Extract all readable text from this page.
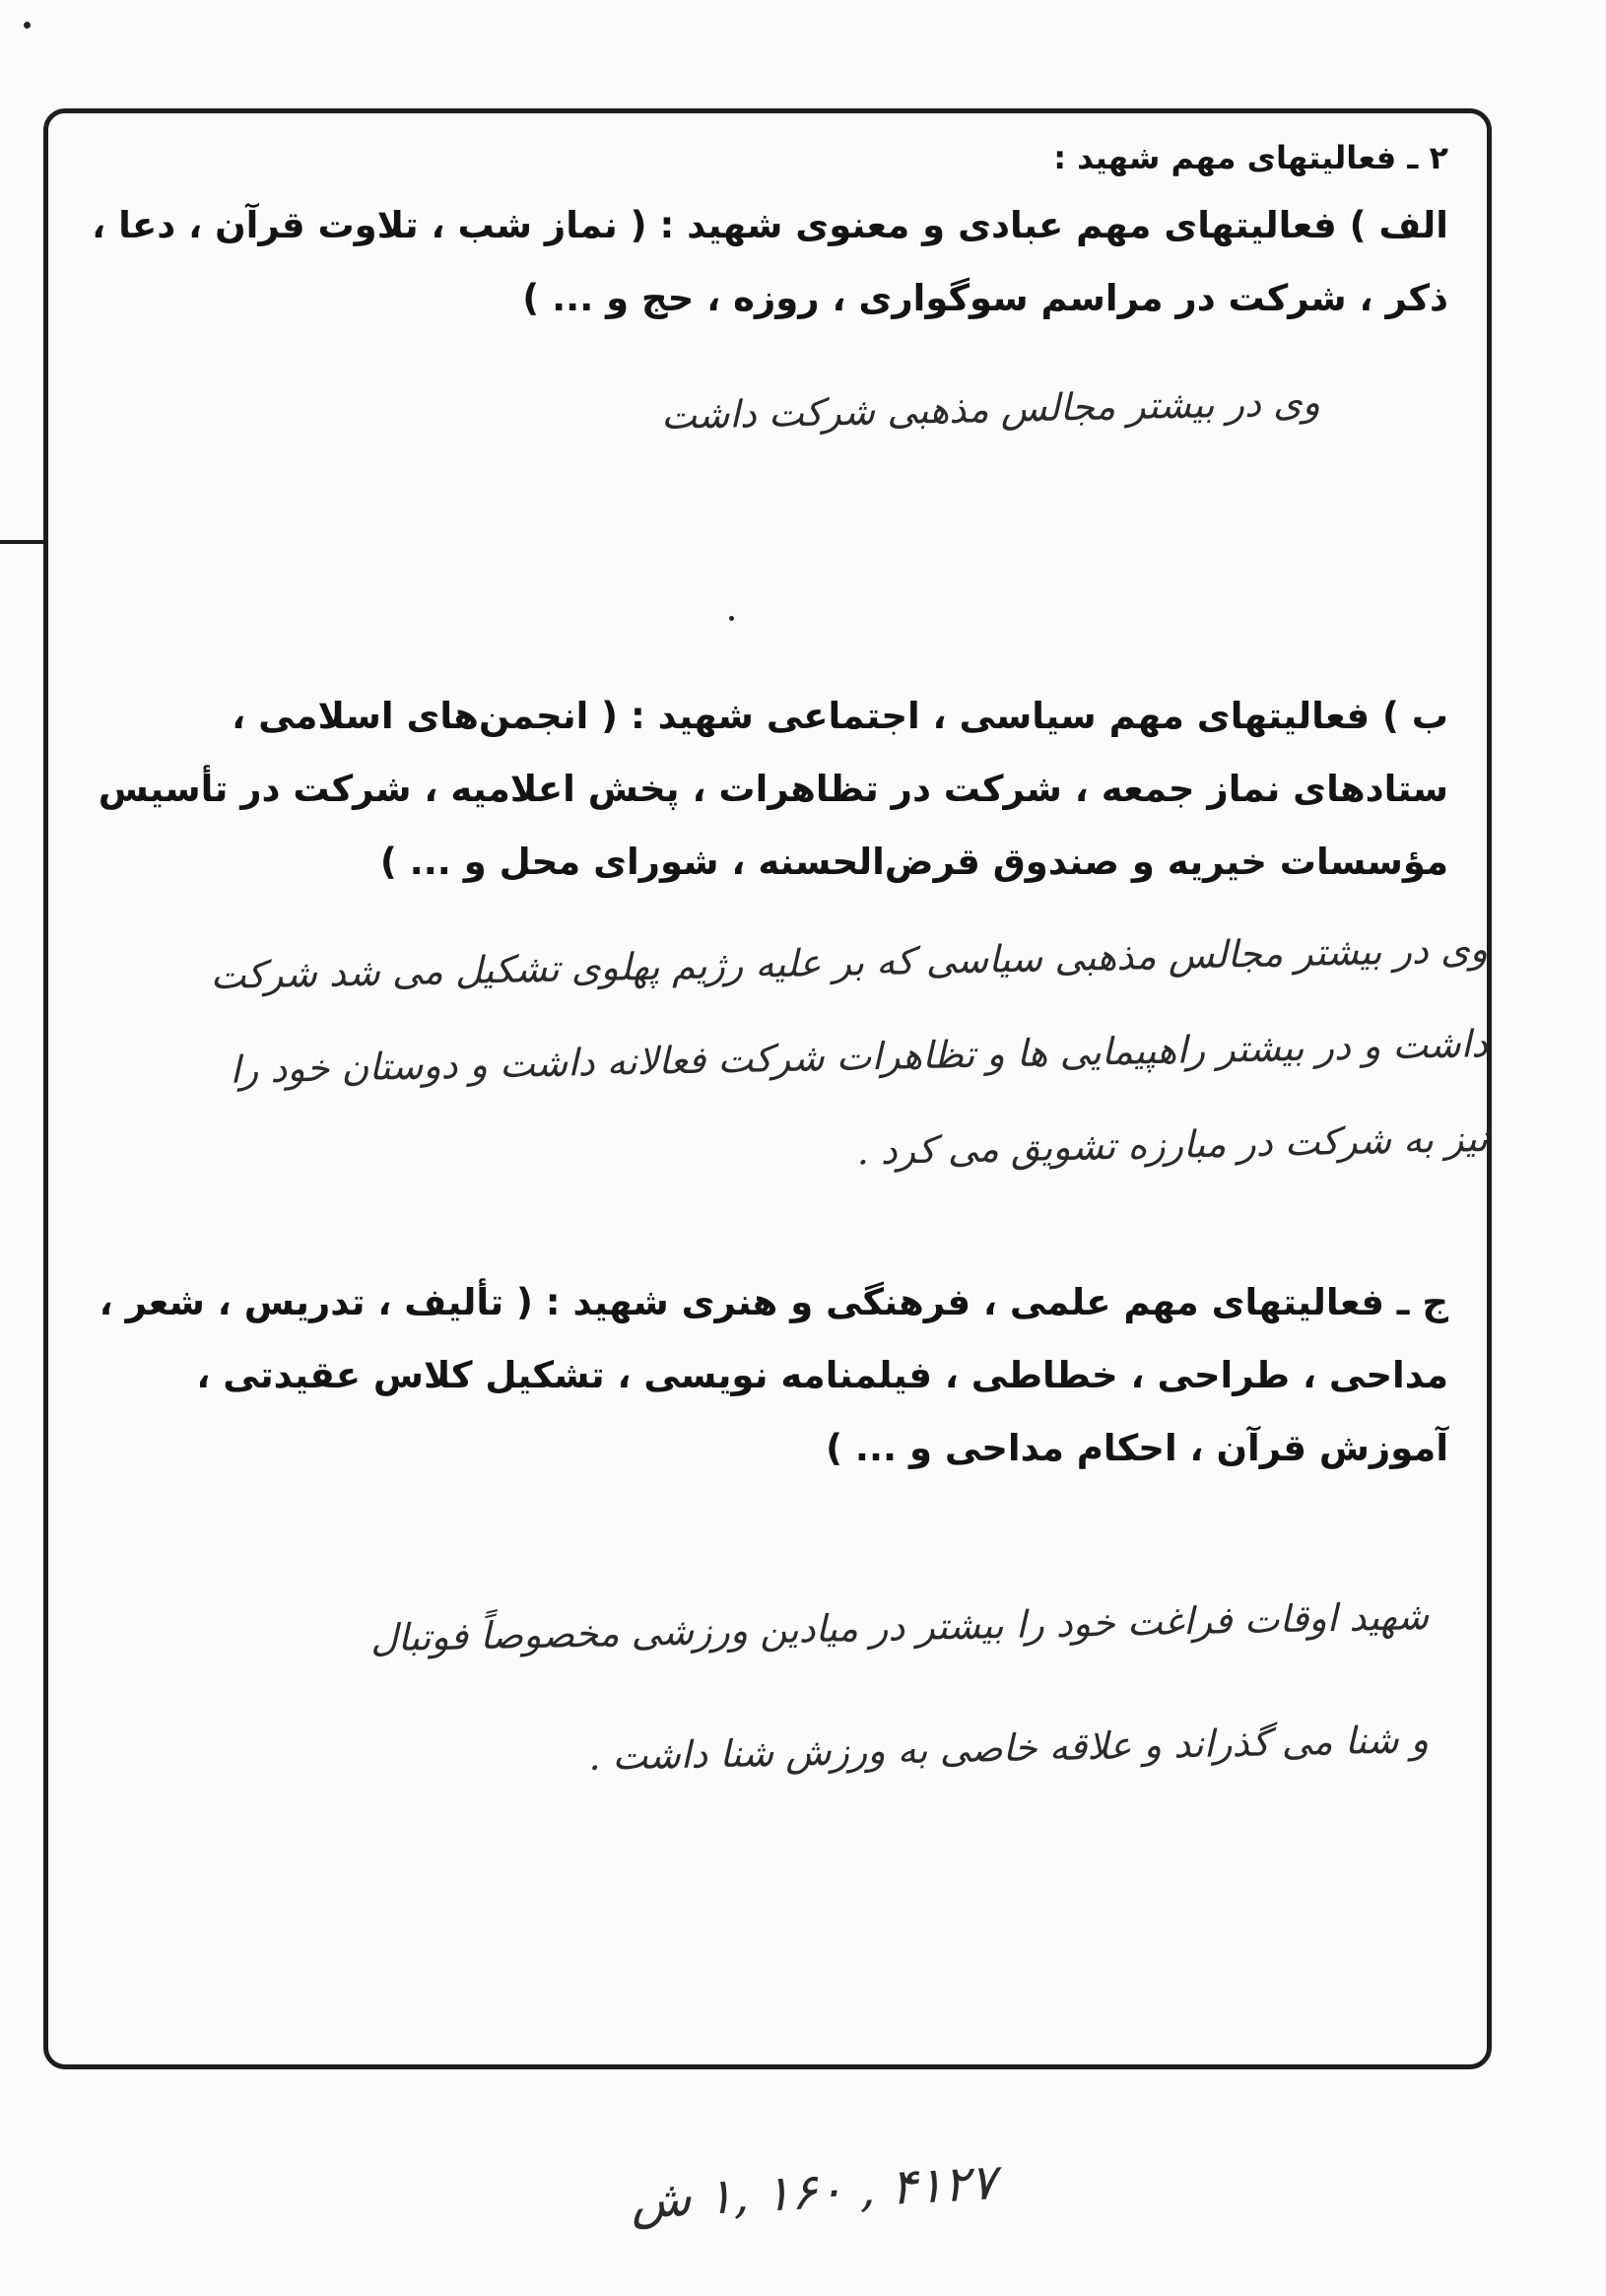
۲ ـ فعالیتهای مهم شهید :

الف ) فعالیتهای مهم عبادی و معنوی شهید : ( نماز شب ، تلاوت قرآن ، دعا ،

ذکر ، شرکت در مراسم سوگواری ، روزه ، حج و ... )

وی در بیشتر مجالس مذهبی شرکت داشت

ب ) فعالیتهای مهم سیاسی ، اجتماعی شهید : ( انجمن‌های اسلامی ،

ستادهای نماز جمعه ، شرکت در تظاهرات ، پخش اعلامیه ، شرکت در تأسیس

مؤسسات خیریه و صندوق قرض‌الحسنه ، شورای محل و ... )

وی در بیشتر مجالس مذهبی سیاسی که بر علیه رژیم پهلوی تشکیل می شد شرکت

داشت و در بیشتر راهپیمایی ها و تظاهرات شرکت فعالانه داشت و دوستان خود را

نیز به شرکت در مبارزه تشویق می کرد .

ج ـ فعالیتهای مهم علمی ، فرهنگی و هنری شهید : ( تألیف ، تدریس ، شعر ،

مداحی ، طراحی ، خطاطی ، فیلمنامه نویسی ، تشکیل کلاس عقیدتی ،

آموزش قرآن ، احکام مداحی و ... )

شهید اوقات فراغت خود را بیشتر در میادین ورزشی مخصوصاً فوتبال

و شنا می گذراند و علاقه خاصی به ورزش شنا داشت .

۴۱۲۷ , ۱۶۰ ,۱ ش
